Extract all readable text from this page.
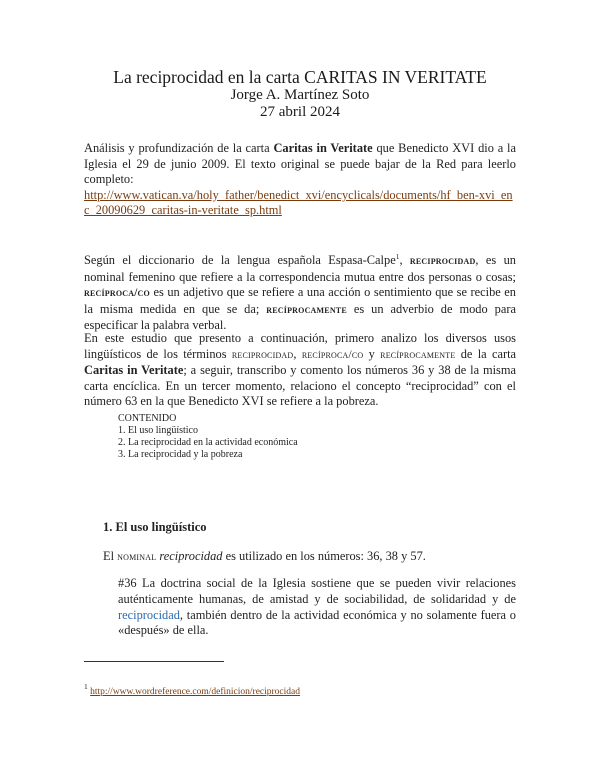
La reciprocidad en la carta CARITAS IN VERITATE
Jorge A. Martínez Soto
27 abril 2024
Análisis y profundización de la carta Caritas in Veritate que Benedicto XVI dio a la Iglesia el 29 de junio 2009. El texto original se puede bajar de la Red para leerlo completo:
http://www.vatican.va/holy_father/benedict_xvi/encyclicals/documents/hf_ben-xvi_enc_20090629_caritas-in-veritate_sp.html
Según el diccionario de la lengua española Espasa-Calpe$^1$, reciprocidad, es un nominal femenino que refiere a la correspondencia mutua entre dos personas o cosas; recíproca/co es un adjetivo que se refiere a una acción o sentimiento que se recibe en la misma medida en que se da; recíprocamente es un adverbio de modo para especificar la palabra verbal.
En este estudio que presento a continuación, primero analizo los diversos usos lingüísticos de los términos reciprocidad, recíproca/co y recíprocamente de la carta Caritas in Veritate; a seguir, transcribo y comento los números 36 y 38 de la misma carta encíclica. En un tercer momento, relaciono el concepto “reciprocidad” con el número 63 en la que Benedicto XVI se refiere a la pobreza.
CONTENIDO
1. El uso lingüístico
2. La reciprocidad en la actividad económica
3. La reciprocidad y la pobreza
1. El uso lingüístico
El nominal reciprocidad es utilizado en los números: 36, 38 y 57.
#36 La doctrina social de la Iglesia sostiene que se pueden vivir relaciones auténticamente humanas, de amistad y de sociabilidad, de solidaridad y de reciprocidad, también dentro de la actividad económica y no solamente fuera o «después» de ella.
$^1$ http://www.wordreference.com/definicion/reciprocidad
